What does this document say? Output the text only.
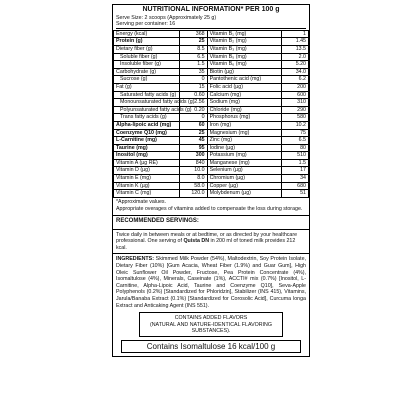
NUTRITIONAL INFORMATION* PER 100 g
Serve Size: 2 scoops (Approximately 25 g)
Serving per container: 16
Energy (kcal)	368	Vitamin B₁ (mg)	1
Protein (g)	25	Vitamin B₂ (mg)	1.45
Dietary fiber (g)	8.5	Vitamin B₃ (mg)	13.5
Soluble fiber (g)	6.5	Vitamin B₅ (mg)	2.0
Insoluble fiber (g)	1.5	Vitamin B₆ (mg)	5.20
Carbohydrate (g)	35	Biotin (µg)	34.0
Sucrose (g)	0	Pantothenic acid (mg)	6.2
Fat (g)	15	Folic acid (µg)	200
Saturated fatty acids (g)	0.60	Calcium (mg)	600
Monounsaturated fatty acids (g)	2.56	Sodium (mg)	310
Polyunsaturated fatty acids (g)	0.20	Chloride (mg)	290
Trans fatty acids (g)	0	Phosphorus (mg)	580
Alpha-lipoic acid (mg)	60	Iron (mg)	10.2
Coenzyme Q10 (mg)	25	Magnesium (mg)	75
L-Carnitine (mg)	45	Zinc (mg)	6.5
Taurine (mg)	95	Iodine (µg)	80
Inositol (mg)	300	Potassium (mg)	510
Vitamin A (µg RE)	840	Manganese (mg)	1.5
Vitamin D (µg)	10.0	Selenium (µg)	17
Vitamin E (mg)	8.0	Chromium (µg)	34
Vitamin K (µg)	58.0	Copper (µg)	680
Vitamin C (mg)	120.0	Molybdenum (µg)	51
*Approximate values.
Appropriate overages of vitamins added to compensate the loss during storage.
RECOMMENDED SERVINGS:
Twice daily in between meals or at bedtime, or as directed by your healthcare professional. One serving of Quista DN in 200 ml of toned milk provides 212 kcal.
INGREDIENTS: Skimmed Milk Powder (54%), Maltodextrin, Soy Protein Isolate, Dietary Fiber (10%) [Gum Acacia, Wheat Fiber (1.9%) and Guar Gum], High Oleic Sunflower Oil Powder, Fructose, Pea Protein Concentrate (4%), Isomaltulose (4%), Minerals, Caseinate (1%), ACCTI# mix (0.7%) [Inositol, L-Carnitine, Alpha-Lipoic Acid, Taurine and Coenzyme Q10], Seva-Apple Polyphenols (0.2%) [Standardized for Phloridzin], Stabilizer (INS 415), Vitamins, Jarula/Banaba Extract (0.1%) [Standardized for Corosolic Acid], Curcuma longa Extract and Anticaking Agent (INS 551).
CONTAINS ADDED FLAVORS
(NATURAL AND NATURE-IDENTICAL FLAVORING SUBSTANCES).
Contains Isomaltulose 16 kcal/100 g
